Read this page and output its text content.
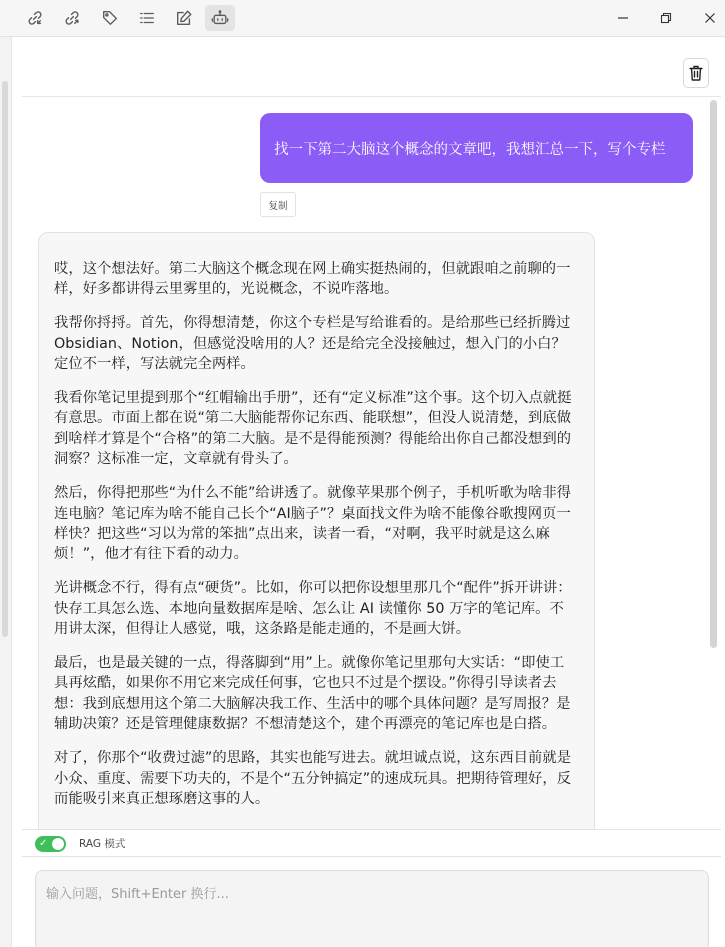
找一下第二大脑这个概念的文章吧，我想汇总一下，写个专栏
复制

哎，这个想法好。第二大脑这个概念现在网上确实挺热闹的，但就跟咱之前聊的一样，好多都讲得云里雾里的，光说概念，不说咋落地。

我帮你捋捋。首先，你得想清楚，你这个专栏是写给谁看的。是给那些已经折腾过 Obsidian、Notion，但感觉没啥用的人？还是给完全没接触过，想入门的小白？定位不一样，写法就完全两样。

我看你笔记里提到那个“红帽输出手册”，还有“定义标准”这个事。这个切入点就挺有意思。市面上都在说“第二大脑能帮你记东西、能联想”，但没人说清楚，到底做到啥样才算是个“合格”的第二大脑。是不是得能预测？得能给出你自己都没想到的洞察？这标准一定，文章就有骨头了。

然后，你得把那些“为什么不能”给讲透了。就像苹果那个例子，手机听歌为啥非得连电脑？笔记库为啥不能自己长个“AI脑子”？桌面找文件为啥不能像谷歌搜网页一样快？把这些“习以为常的笨拙”点出来，读者一看，“对啊，我平时就是这么麻烦！”，他才有往下看的动力。

光讲概念不行，得有点“硬货”。比如，你可以把你设想里那几个“配件”拆开讲讲：快存工具怎么选、本地向量数据库是啥、怎么让 AI 读懂你 50 万字的笔记库。不用讲太深，但得让人感觉，哦，这条路是能走通的，不是画大饼。

最后，也是最关键的一点，得落脚到“用”上。就像你笔记里那句大实话：“即使工具再炫酷，如果你不用它来完成任何事，它也只不过是个摆设。”你得引导读者去想：我到底想用这个第二大脑解决我工作、生活中的哪个具体问题？是写周报？是辅助决策？还是管理健康数据？不想清楚这个，建个再漂亮的笔记库也是白搭。

对了，你那个“收费过滤”的思路，其实也能写进去。就坦诚点说，这东西目前就是小众、重度、需要下功夫的，不是个“五分钟搞定”的速成玩具。把期待管理好，反而能吸引来真正想琢磨这事的人。

✓	RAG 模式
输入问题，Shift+Enter 换行...
